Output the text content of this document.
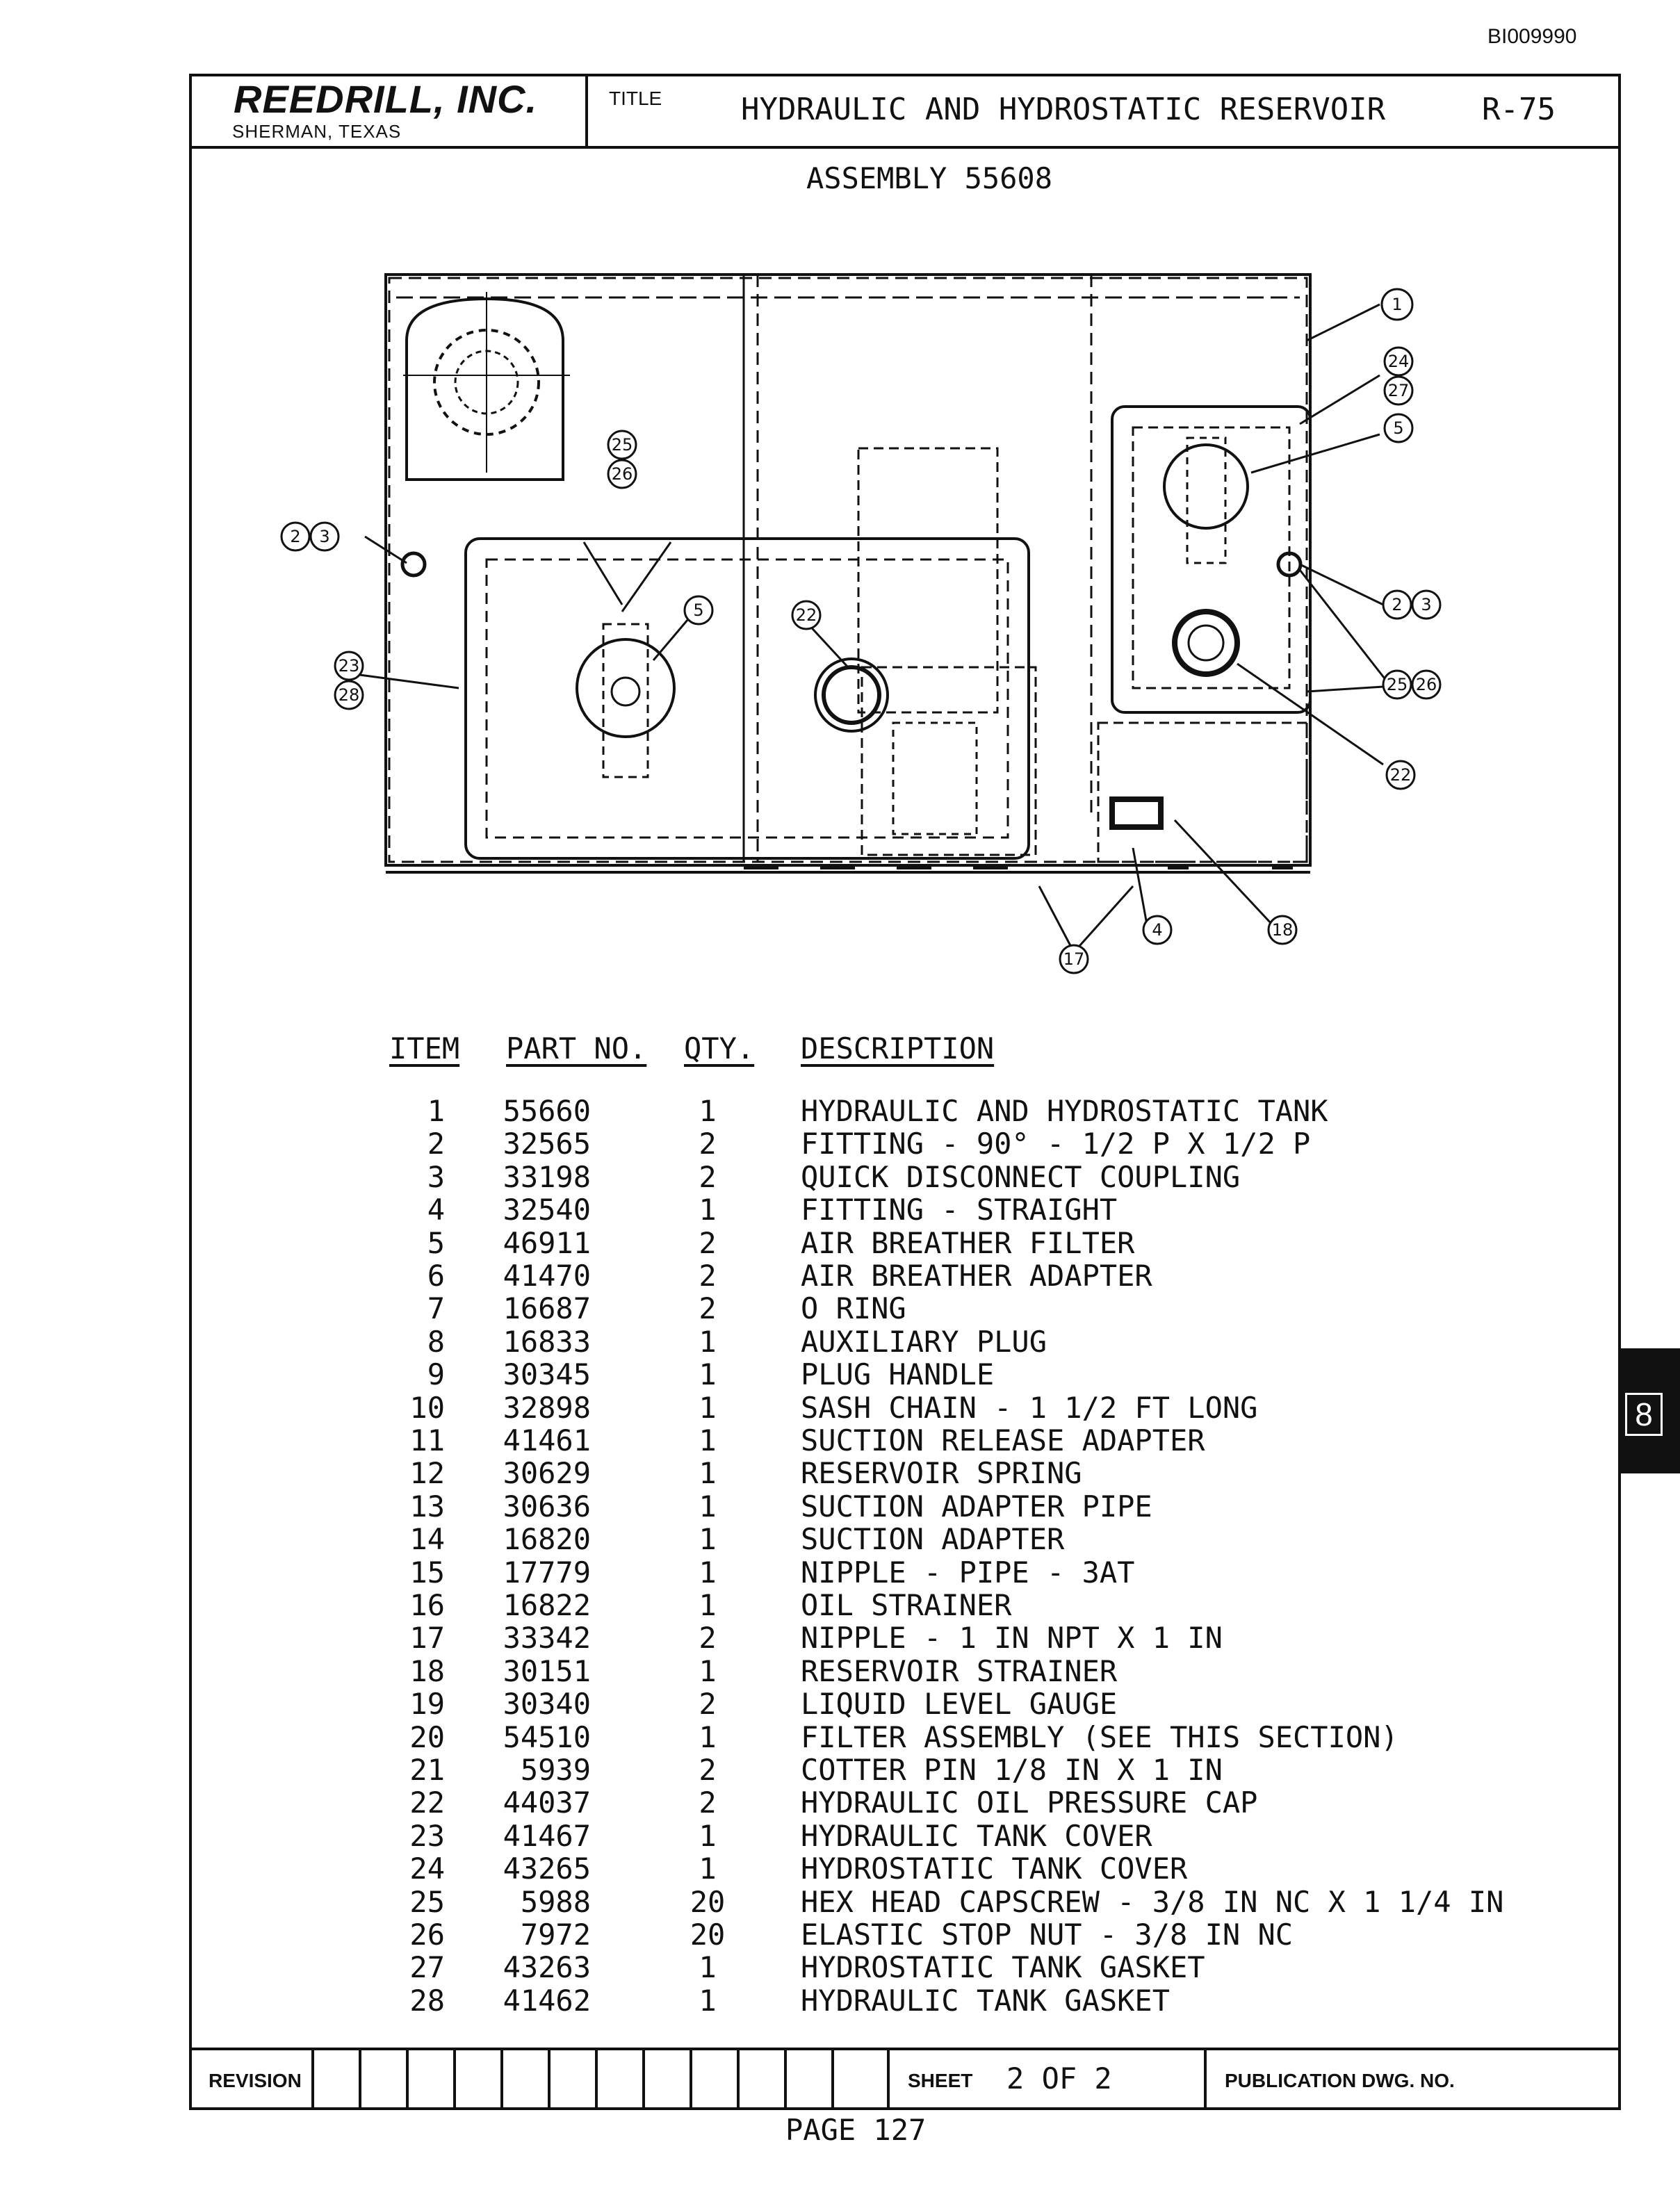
BI009990
REEDRILL, INC.
SHERMAN, TEXAS
TITLE	HYDRAULIC AND HYDROSTATIC RESERVOIR	R-75
ASSEMBLY 55608
1
24
27
5
2 3
25
26
2 3
22
23
28
5
22
25 26
4	18
17
ITEM PART NO. QTY. DESCRIPTION
1 55660	1	HYDRAULIC AND HYDROSTATIC TANK
2 32565	2	FITTING - 90° - 1/2 P X 1/2 P
3 33198	2	QUICK DISCONNECT COUPLING
4 32540	1	FITTING - STRAIGHT
5 46911	2	AIR BREATHER FILTER
6 41470	2	AIR BREATHER ADAPTER
7 16687	2	O RING
8 16833	1	AUXILIARY PLUG
9 30345	1	PLUG HANDLE
10 32898	1	SASH CHAIN - 1 1/2 FT LONG
11 41461	1	SUCTION RELEASE ADAPTER
12 30629	1	RESERVOIR SPRING
13 30636	1	SUCTION ADAPTER PIPE
14 16820	1	SUCTION ADAPTER
15 17779	1	NIPPLE - PIPE - 3AT
16 16822	1	OIL STRAINER
17 33342	2	NIPPLE - 1 IN NPT X 1 IN
18 30151	1	RESERVOIR STRAINER
19 30340	2	LIQUID LEVEL GAUGE
20 54510	1	FILTER ASSEMBLY (SEE THIS SECTION)
21	5939	2	COTTER PIN 1/8 IN X 1 IN
22 44037	2	HYDRAULIC OIL PRESSURE CAP
23 41467	1	HYDRAULIC TANK COVER
24 43265	1	HYDROSTATIC TANK COVER
25	5988	20	HEX HEAD CAPSCREW - 3/8 IN NC X 1 1/4 IN
26	7972	20	ELASTIC STOP NUT - 3/8 IN NC
27 43263	1	HYDROSTATIC TANK GASKET
28 41462	1	HYDRAULIC TANK GASKET
REVISION	SHEET 2 OF 2	PUBLICATION DWG. NO.
PAGE 127
8
